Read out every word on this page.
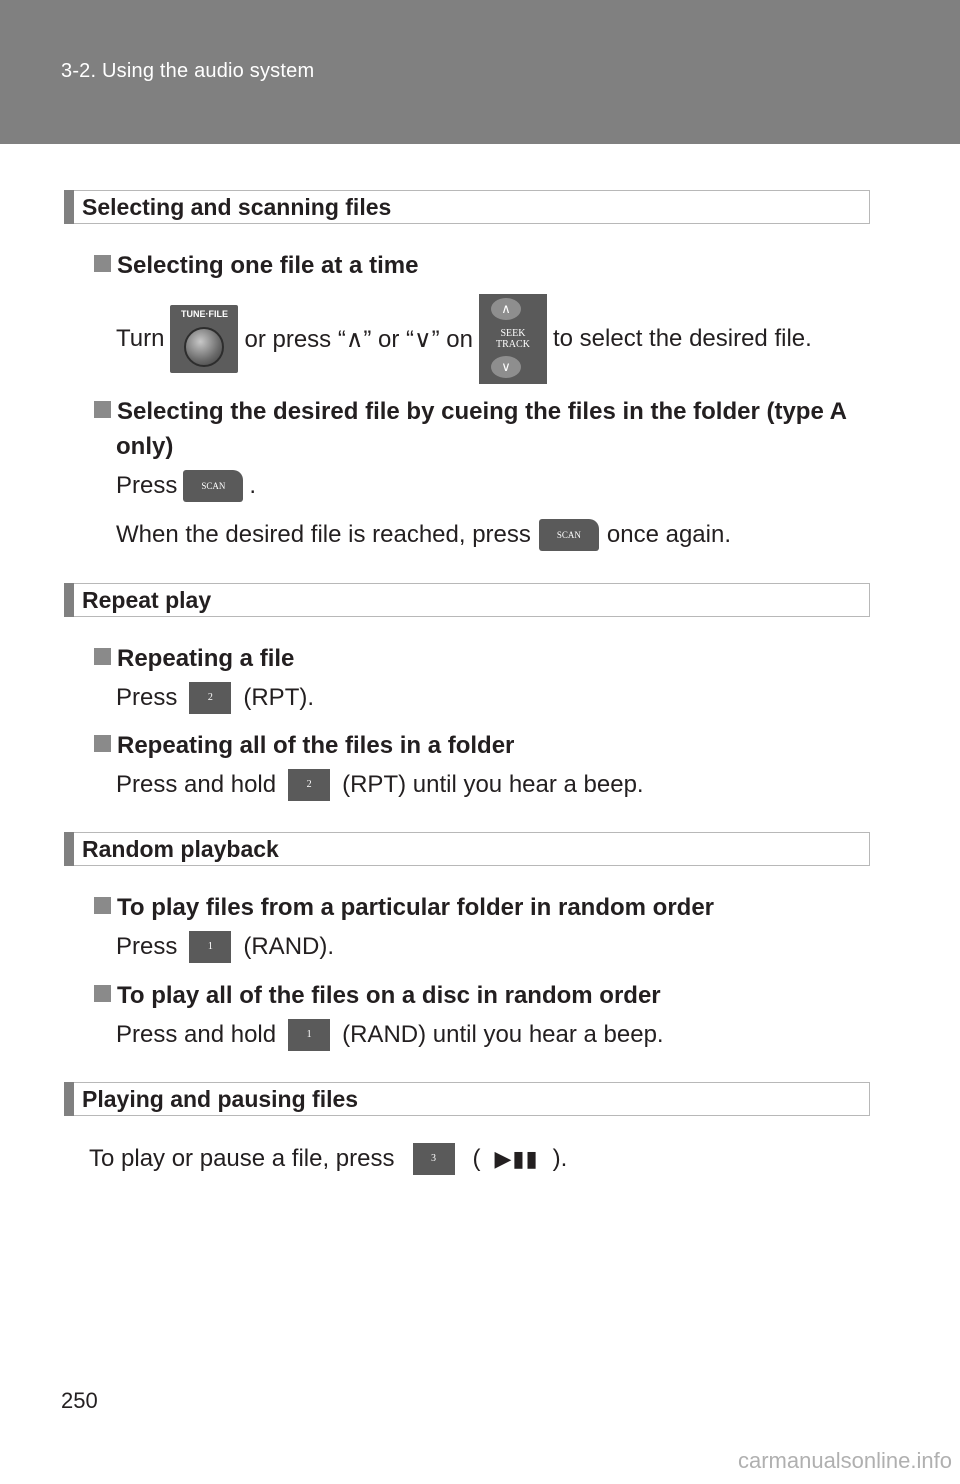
3-2. Using the audio system
Selecting and scanning files
Selecting one file at a time
Turn
TUNE·FILE
or press “∧” or “∨” on
∧
SEEK
TRACK
∨
to select the desired file.
Selecting the desired file by cueing the files in the folder (type A
only)
Press	SCAN	.
When the desired file is reached, press	SCAN	once again.
Repeat play
Repeating a file
Press	2	(RPT).
Repeating all of the files in a folder
Press and hold	2	(RPT) until you hear a beep.
Random playback
To play files from a particular folder in random order
Press	1	(RAND).
To play all of the files on a disc in random order
Press and hold	1	(RAND) until you hear a beep.
Playing and pausing files
To play or pause a file, press	3	( ▶▮▮ ).
250
carmanualsonline.info
